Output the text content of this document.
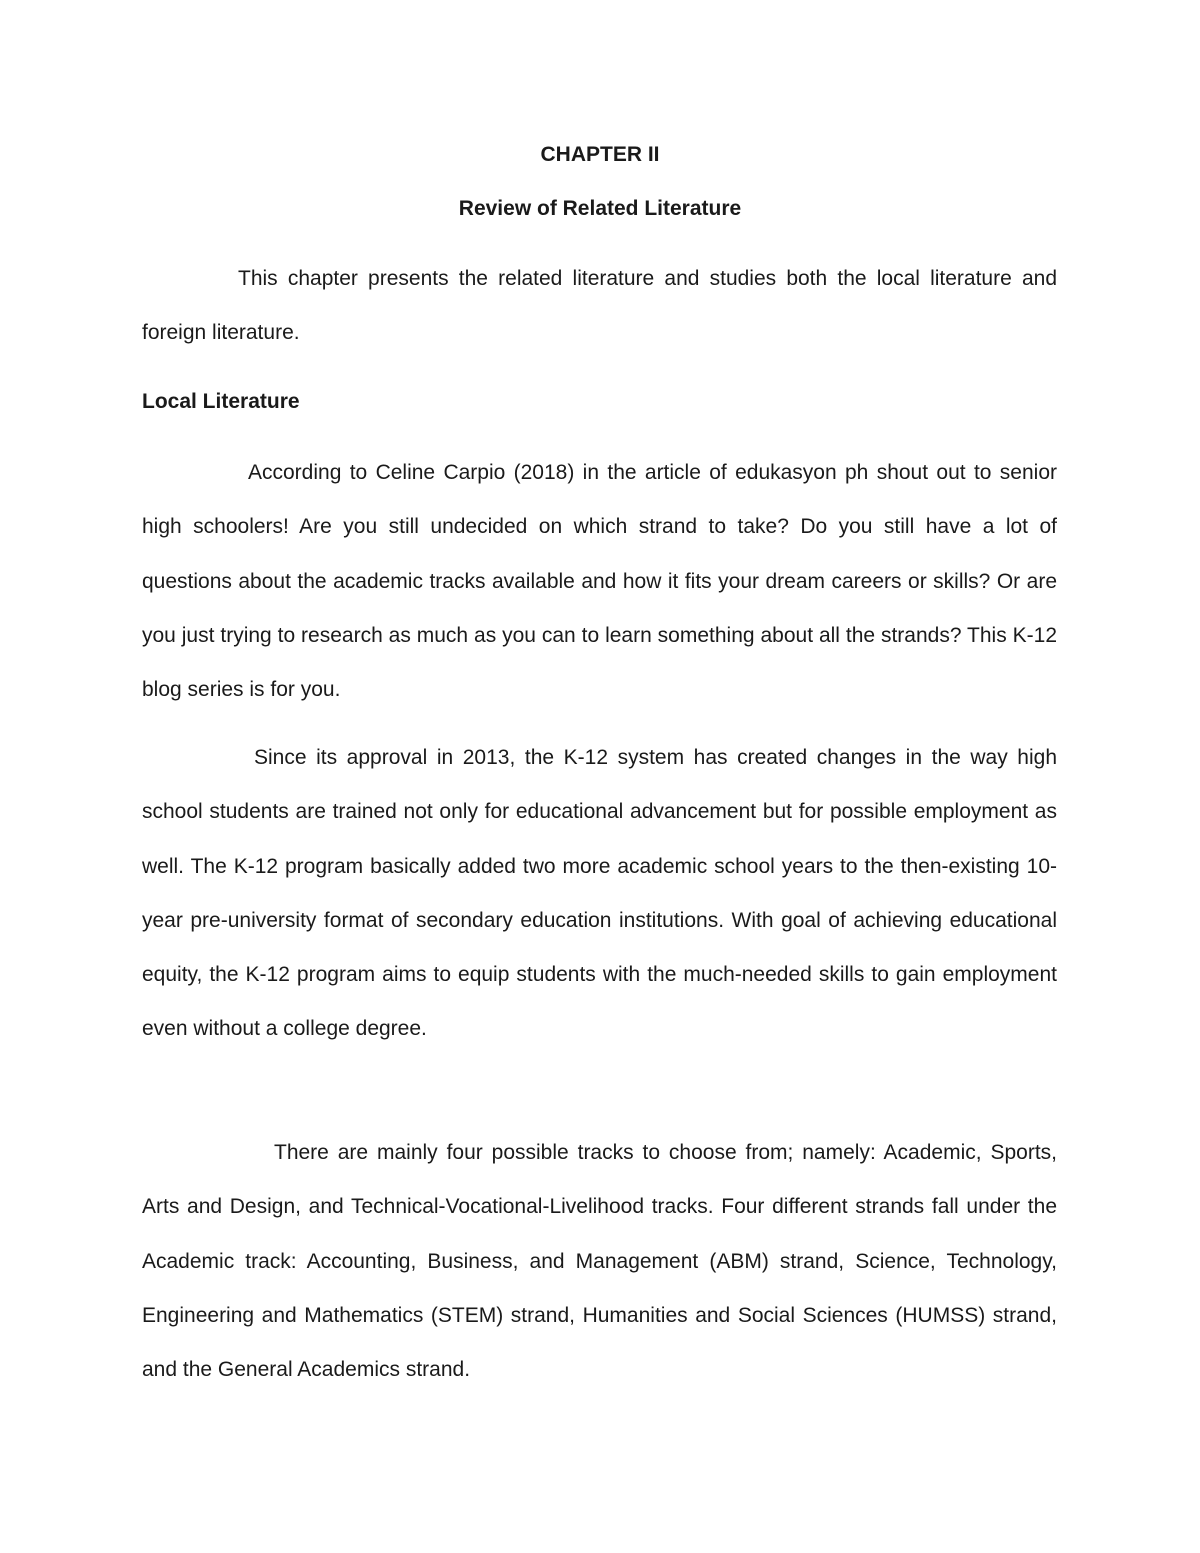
CHAPTER II
Review of Related Literature

This chapter presents the related literature and studies both the local literature and foreign literature.

Local Literature

According to Celine Carpio (2018) in the article of edukasyon ph shout out to senior high schoolers! Are you still undecided on which strand to take? Do you still have a lot of questions about the academic tracks available and how it fits your dream careers or skills? Or are you just trying to research as much as you can to learn something about all the strands? This K-12 blog series is for you.

Since its approval in 2013, the K-12 system has created changes in the way high school students are trained not only for educational advancement but for possible employment as well. The K-12 program basically added two more academic school years to the then-existing 10-year pre-university format of secondary education institutions. With goal of achieving educational equity, the K-12 program aims to equip students with the much-needed skills to gain employment even without a college degree.

There are mainly four possible tracks to choose from; namely: Academic, Sports, Arts and Design, and Technical-Vocational-Livelihood tracks. Four different strands fall under the Academic track: Accounting, Business, and Management (ABM) strand, Science, Technology, Engineering and Mathematics (STEM) strand, Humanities and Social Sciences (HUMSS) strand, and the General Academics strand.
